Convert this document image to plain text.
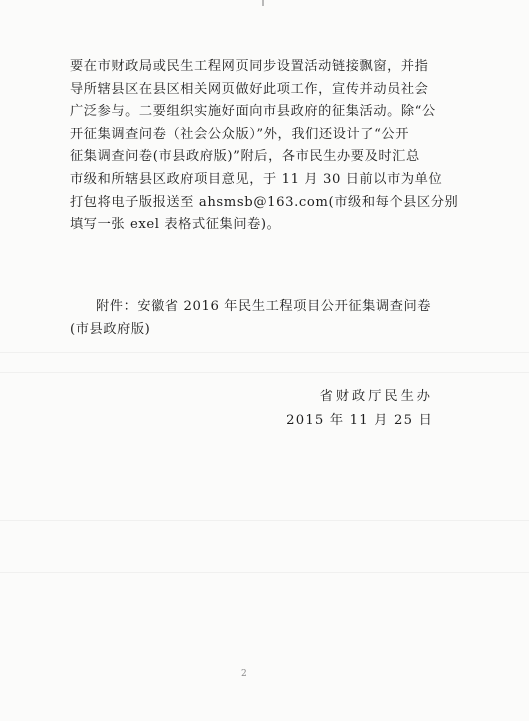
要在市财政局或民生工程网页同步设置活动链接飘窗，并指
导所辖县区在县区相关网页做好此项工作，宣传并动员社会
广泛参与。二要组织实施好面向市县政府的征集活动。除“公
开征集调查问卷（社会公众版）”外，我们还设计了“公开
征集调查问卷(市县政府版)”附后，各市民生办要及时汇总
市级和所辖县区政府项目意见，于 11 月 30 日前以市为单位
打包将电子版报送至 ahsmsb@163.com(市级和每个县区分别
填写一张 exel 表格式征集问卷)。
附件：安徽省 2016 年民生工程项目公开征集调查问卷
(市县政府版)
省财政厅民生办
2015 年 11 月 25 日
2
